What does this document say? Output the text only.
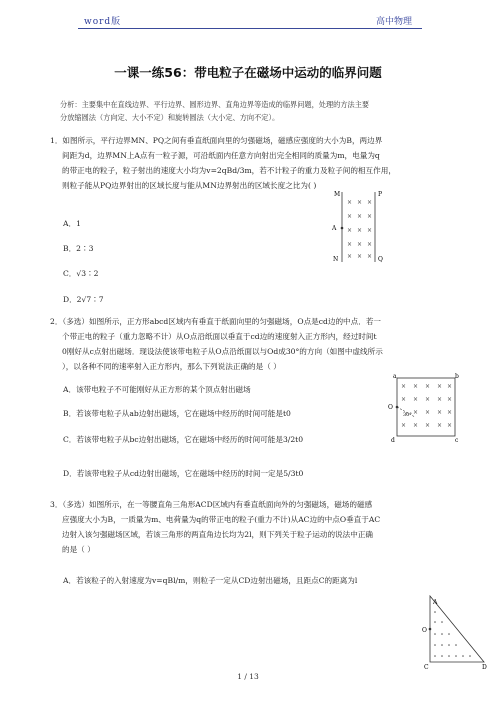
word版	高中物理
一课一练56：带电粒子在磁场中运动的临界问题
分析：主要集中在直线边界、平行边界、圆形边界、直角边界等造成的临界问题，处理的方法主要
分放缩圆法（方向定、大小不定）和旋转圆法（大小定、方向不定）。
1．如图所示，平行边界MN、PQ之间有垂直纸面向里的匀强磁场，磁感应强度的大小为B，两边界
间距为d，边界MN上A点有一粒子源，可沿纸面内任意方向射出完全相同的质量为m，电量为q
的带正电的粒子，粒子射出的速度大小均为v=2qBd/3m，若不计粒子的重力及粒子间的相互作用，
则粒子能从PQ边界射出的区域长度与能从MN边界射出的区域长度之比为( )
A．1
B．2∶3
C．√3∶2
D．2√7∶7
M	P
A
N	Q
× × ×
× × ×
× × ×
× × ×
× × ×
2．（多选）如图所示，正方形abcd区域内有垂直于纸面向里的匀强磁场，O点是cd边的中点．若一
个带正电的粒子（重力忽略不计）从O点沿纸面以垂直于cd边的速度射入正方形内，经过时间t
0刚好从c点射出磁场．现设法使该带电粒子从O点沿纸面以与Od成30°的方向（如图中虚线所示
），以各种不同的速率射入正方形内，那么下列说法正确的是（ ）
A．该带电粒子不可能刚好从正方形的某个顶点射出磁场
B．若该带电粒子从ab边射出磁场，它在磁场中经历的时间可能是t0
C．若该带电粒子从bc边射出磁场，它在磁场中经历的时间可能是3/2t0
D．若该带电粒子从cd边射出磁场，它在磁场中经历的时间一定是5/3t0
a	b
O
d	c
30°
× × × × ×
× × × × ×
× × × ×
× × × × ×
3．（多选）如图所示，在一等腰直角三角形ACD区域内有垂直纸面向外的匀强磁场，磁场的磁感
应强度大小为B，一质量为m、电荷量为q的带正电的粒子(重力不计)从AC边的中点O垂直于AC
边射入该匀强磁场区域，若该三角形的两直角边长均为2l，则下列关于粒子运动的说法中正确
的是（ ）
A．若该粒子的入射速度为v=qBl/m，则粒子一定从CD边射出磁场，且距点C的距离为l
A
O
C	D
1 / 13
